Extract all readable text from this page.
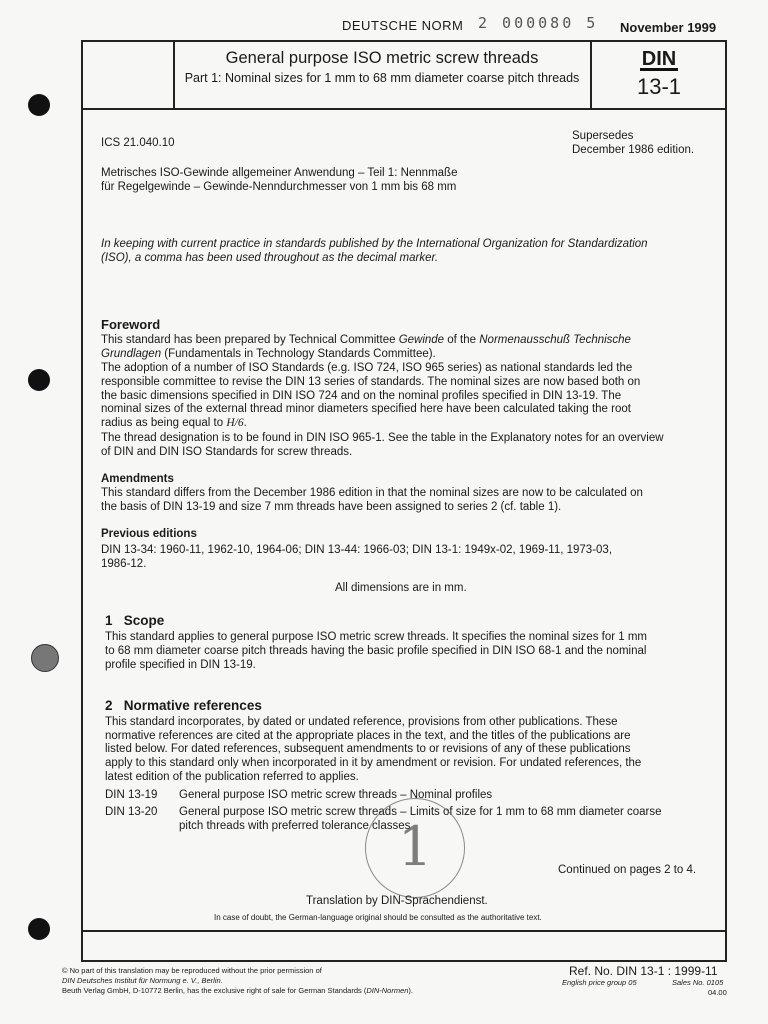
DEUTSCHE NORM 2 000080 5 November 1999
General purpose ISO metric screw threads
Part 1: Nominal sizes for 1 mm to 68 mm diameter coarse pitch threads
DIN
13-1
ICS 21.040.10
Supersedes
December 1986 edition.
Metrisches ISO-Gewinde allgemeiner Anwendung – Teil 1: Nennmaße
für Regelgewinde – Gewinde-Nenndurchmesser von 1 mm bis 68 mm
In keeping with current practice in standards published by the International Organization for Standardization
(ISO), a comma has been used throughout as the decimal marker.
Foreword
This standard has been prepared by Technical Committee Gewinde of the Normenausschuß Technische
Grundlagen (Fundamentals in Technology Standards Committee).
The adoption of a number of ISO Standards (e.g. ISO 724, ISO 965 series) as national standards led the
responsible committee to revise the DIN 13 series of standards. The nominal sizes are now based both on
the basic dimensions specified in DIN ISO 724 and on the nominal profiles specified in DIN 13-19. The
nominal sizes of the external thread minor diameters specified here have been calculated taking the root
radius as being equal to H/6.
The thread designation is to be found in DIN ISO 965-1. See the table in the Explanatory notes for an overview
of DIN and DIN ISO Standards for screw threads.
Amendments
This standard differs from the December 1986 edition in that the nominal sizes are now to be calculated on
the basis of DIN 13-19 and size 7 mm threads have been assigned to series 2 (cf. table 1).
Previous editions
DIN 13-34: 1960-11, 1962-10, 1964-06; DIN 13-44: 1966-03; DIN 13-1: 1949x-02, 1969-11, 1973-03,
1986-12.
All dimensions are in mm.
1   Scope
This standard applies to general purpose ISO metric screw threads. It specifies the nominal sizes for 1 mm
to 68 mm diameter coarse pitch threads having the basic profile specified in DIN ISO 68-1 and the nominal
profile specified in DIN 13-19.
2   Normative references
This standard incorporates, by dated or undated reference, provisions from other publications. These
normative references are cited at the appropriate places in the text, and the titles of the publications are
listed below. For dated references, subsequent amendments to or revisions of any of these publications
apply to this standard only when incorporated in it by amendment or revision. For undated references, the
latest edition of the publication referred to applies.
DIN 13-19 General purpose ISO metric screw threads – Nominal profiles
DIN 13-20 General purpose ISO metric screw threads – Limits of size for 1 mm to 68 mm diameter coarse
pitch threads with preferred tolerance classes
1	Continued on pages 2 to 4.
Translation by DIN-Sprachendienst.
In case of doubt, the German-language original should be consulted as the authoritative text.
© No part of this translation may be reproduced without the prior permission of
DIN Deutsches Institut für Normung e. V., Berlin.
Beuth Verlag GmbH, D-10772 Berlin, has the exclusive right of sale for German Standards (DIN-Normen).
Ref. No. DIN 13-1 : 1999-11
English price group 05	Sales No. 0105
04.00
